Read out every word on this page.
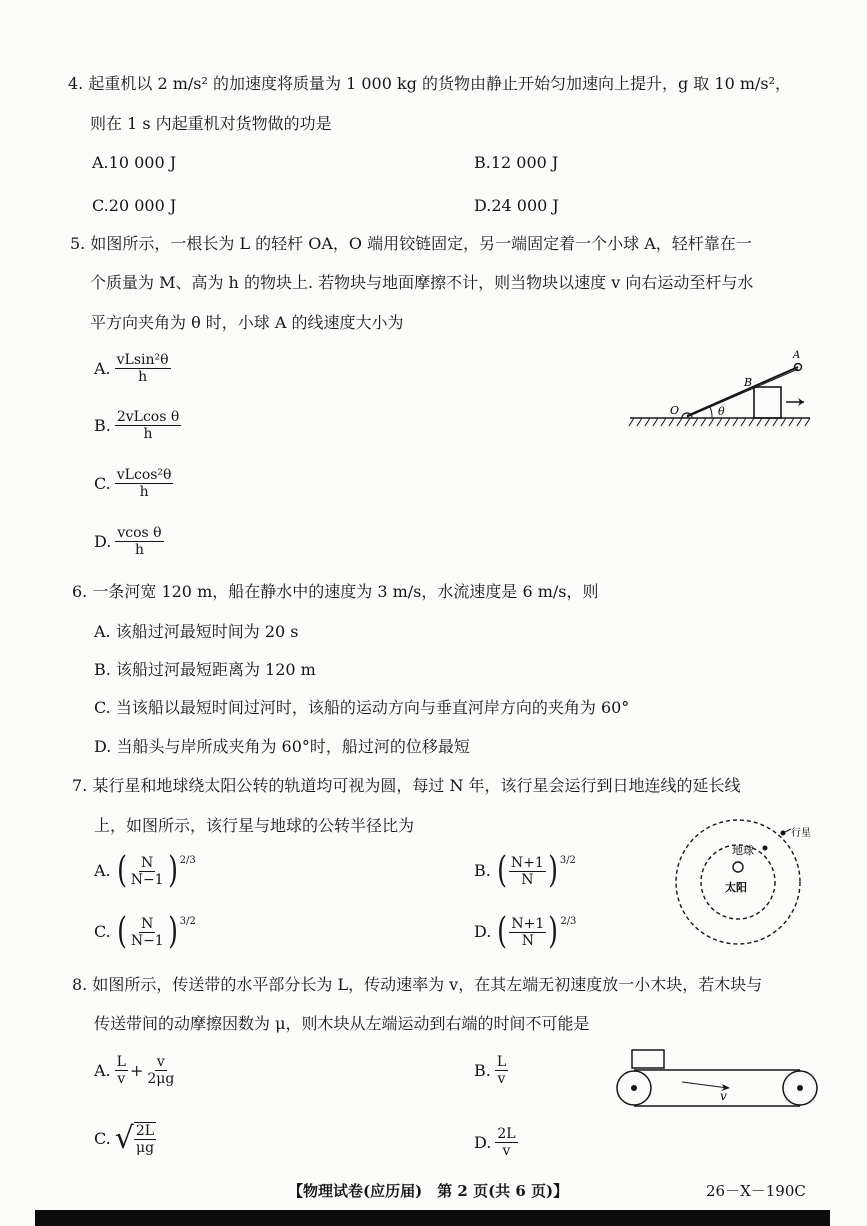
4. 起重机以 2 m/s² 的加速度将质量为 1 000 kg 的货物由静止开始匀加速向上提升，g 取 10 m/s²，
则在 1 s 内起重机对货物做的功是
A.10 000 J	B.12 000 J
C.20 000 J	D.24 000 J
5. 如图所示，一根长为 L 的轻杆 OA，O 端用铰链固定，另一端固定着一个小球 A，轻杆靠在一
个质量为 M、高为 h 的物块上. 若物块与地面摩擦不计，则当物块以速度 v 向右运动至杆与水
平方向夹角为 θ 时，小球 A 的线速度大小为
A. $\frac{\text{vLsin²θ}}{h}$
B. $\frac{\text{2vLcos θ}}{h}$
C. $\frac{\text{vLcos²θ}}{h}$
D. $\frac{\text{vcos θ}}{h}$
O
B
θ
A
6. 一条河宽 120 m，船在静水中的速度为 3 m/s，水流速度是 6 m/s，则
A. 该船过河最短时间为 20 s
B. 该船过河最短距离为 120 m
C. 当该船以最短时间过河时，该船的运动方向与垂直河岸方向的夹角为 60°
D. 当船头与岸所成夹角为 60°时，船过河的位移最短
7. 某行星和地球绕太阳公转的轨道均可视为圆，每过 N 年，该行星会运行到日地连线的延长线
上，如图所示，该行星与地球的公转半径比为
A. ( $\frac{N}{N-1} )^{2/3}$
B. ( $\frac{N+1}{N} )^{3/2}$
C. ( $\frac{N}{N-1} )^{3/2}$
D. ( $\frac{N+1}{N} )^{2/3}$
地球
太阳
行星
8. 如图所示，传送带的水平部分长为 L，传动速率为 v，在其左端无初速度放一小木块，若木块与
传送带间的动摩擦因数为 μ，则木块从左端运动到右端的时间不可能是
A. $\frac{L}{v} + \frac{v}{2\mu g}$	B. $\frac{L}{v}$
C. √ $\frac{2L}{\mu g}$	D. $\frac{2L}{v}$
v
【物理试卷(应历届)　第 2 页(共 6 页)】	26－X－190C
